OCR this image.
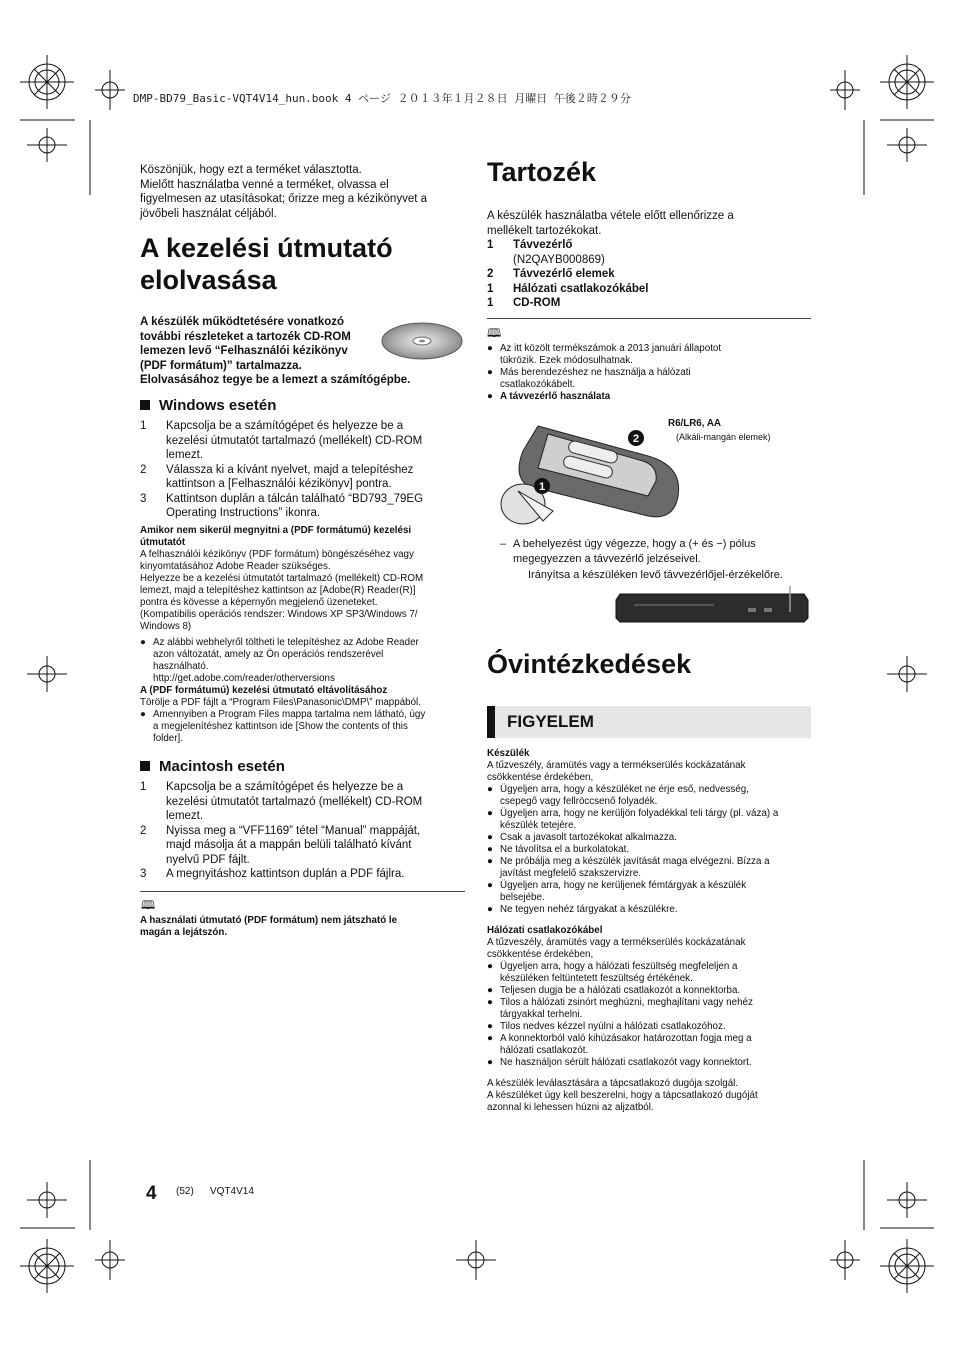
DMP-BD79_Basic-VQT4V14_hun.book 4 ページ ２０１３年１月２８日 月曜日 午後２時２９分

Köszönjük, hogy ezt a terméket választotta.

Mielőtt használatba venné a terméket, olvassa el

figyelmesen az utasításokat; őrizze meg a kézikönyvet a

jövőbeli használat céljából.

A kezelési útmutató
elolvasása

A készülék működtetésére vonatkozó

további részleteket a tartozék CD-ROM

lemezen levő “Felhasználói kézikönyv

(PDF formátum)” tartalmazza.

Elolvasásához tegye be a lemezt a számítógépbe.

Windows esetén
1	Kapcsolja be a számítógépet és helyezze be a
kezelési útmutatót tartalmazó (mellékelt) CD-ROM
lemezt.
2	Válassza ki a kívánt nyelvet, majd a telepítéshez
kattintson a [Felhasználói kézikönyv] pontra.
3	Kattintson duplán a tálcán található “BD793_79EG
Operating Instructions” ikonra.

Amikor nem sikerül megnyitni a (PDF formátumú) kezelési

útmutatót

A felhasználói kézikönyv (PDF formátum) böngészéséhez vagy

kinyomtatásához Adobe Reader szükséges.

Helyezze be a kezelési útmutatót tartalmazó (mellékelt) CD-ROM

lemezt, majd a telepítéshez kattintson az [Adobe(R) Reader(R)]

pontra és kövesse a képernyőn megjelenő üzeneteket.

(Kompatibilis operációs rendszer: Windows XP SP3/Windows 7/

Windows 8)

● Az alábbi webhelyről töltheti le telepítéshez az Adobe Reader
azon változatát, amely az Ön operációs rendszerével
használható.
http://get.adobe.com/reader/otherversions

A (PDF formátumú) kezelési útmutató eltávolításához

Törölje a PDF fájlt a “Program Files\Panasonic\DMP\” mappából.

● Amennyiben a Program Files mappa tartalma nem látható, úgy
a megjelenítéshez kattintson ide [Show the contents of this
folder].
Macintosh esetén
1	Kapcsolja be a számítógépet és helyezze be a
kezelési útmutatót tartalmazó (mellékelt) CD-ROM
lemezt.
2	Nyissa meg a “VFF1169” tétel “Manual” mappáját,
majd másolja át a mappán belüli található kívánt
nyelvű PDF fájlt.
3	A megnyitáshoz kattintson duplán a PDF fájlra.
🕮

A használati útmutató (PDF formátum) nem játszható le

magán a lejátszón.

Tartozék

A készülék használatba vétele előtt ellenőrizze a

mellékelt tartozékokat.

1	Távvezérlő
(N2QAYB000869)
2	Távvezérlő elemek
1	Hálózati csatlakozókábel
1	CD-ROM
🕮
● Az itt közölt termékszámok a 2013 januári állapotot
tükrözik. Ezek módosulhatnak.
● Más berendezéshez ne használja a hálózati
csatlakozókábelt.
● A távvezérlő használata
2
1
R6/LR6, AA
(Alkáli-mangán elemek)
– A behelyezést úgy végezze, hogy a (+ és −) pólus
megegyezzen a távvezérlő jelzéseivel.
Irányítsa a készüléken levő távvezérlőjel-érzékelőre.
Óvintézkedések
FIGYELEM

Készülék

A tűzveszély, áramütés vagy a termékserülés kockázatának

csökkentése érdekében,

● Ügyeljen arra, hogy a készüléket ne érje eső, nedvesség,
csepegő vagy fellröccsenő folyadék.
● Ügyeljen arra, hogy ne kerüljön folyadékkal teli tárgy (pl. váza) a
készülék tetejére.
● Csak a javasolt tartozékokat alkalmazza.
● Ne távolítsa el a burkolatokat.
● Ne próbálja meg a készülék javítását maga elvégezni. Bízza a
javítást megfelelő szakszervizre.
● Ügyeljen arra, hogy ne kerüljenek fémtárgyak a készülék
belsejébe.
● Ne tegyen nehéz tárgyakat a készülékre.

Hálózati csatlakozókábel

A tűzveszély, áramütés vagy a termékserülés kockázatának

csökkentése érdekében,

● Ügyeljen arra, hogy a hálózati feszültség megfeleljen a
készüléken feltüntetett feszültség értékének.
● Teljesen dugja be a hálózati csatlakozót a konnektorba.
● Tilos a hálózati zsinórt meghúzni, meghajlítani vagy nehéz
tárgyakkal terhelni.
● Tilos nedves kézzel nyúlni a hálózati csatlakozóhoz.
● A konnektorból való kihúzásakor határozottan fogja meg a
hálózati csatlakozót.
● Ne használjon sérült hálózati csatlakozót vagy konnektort.

A készülék leválasztására a tápcsatlakozó dugója szolgál.

A készüléket úgy kell beszerelni, hogy a tápcsatlakozó dugóját

azonnal ki lehessen húzni az aljzatból.

4 (52) VQT4V14
